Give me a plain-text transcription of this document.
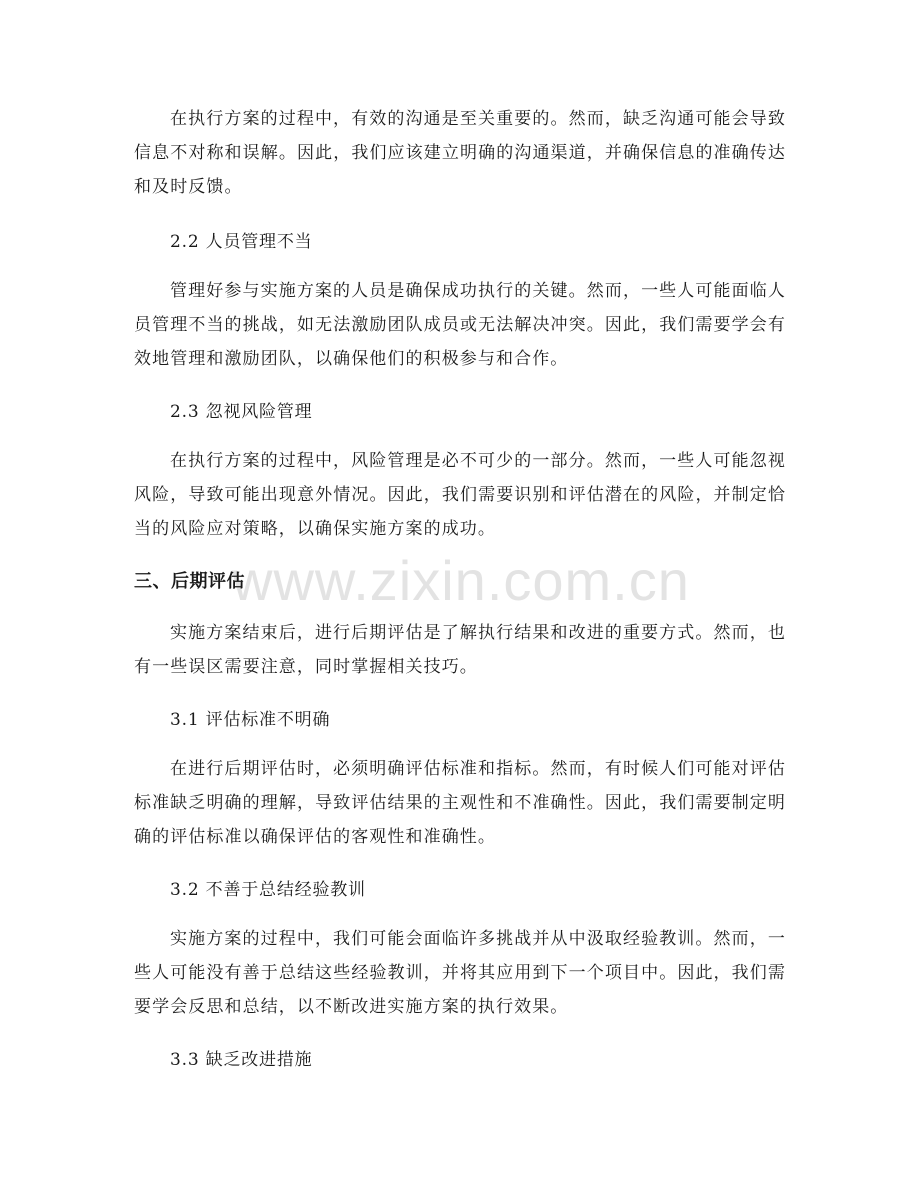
www.zixin.com.cn

在执行方案的过程中，有效的沟通是至关重要的。然而，缺乏沟通可能会导致信息不对称和误解。因此，我们应该建立明确的沟通渠道，并确保信息的准确传达和及时反馈。

2.2 人员管理不当

管理好参与实施方案的人员是确保成功执行的关键。然而，一些人可能面临人员管理不当的挑战，如无法激励团队成员或无法解决冲突。因此，我们需要学会有效地管理和激励团队，以确保他们的积极参与和合作。

2.3 忽视风险管理

在执行方案的过程中，风险管理是必不可少的一部分。然而，一些人可能忽视风险，导致可能出现意外情况。因此，我们需要识别和评估潜在的风险，并制定恰当的风险应对策略，以确保实施方案的成功。

三、后期评估

实施方案结束后，进行后期评估是了解执行结果和改进的重要方式。然而，也有一些误区需要注意，同时掌握相关技巧。

3.1 评估标准不明确

在进行后期评估时，必须明确评估标准和指标。然而，有时候人们可能对评估标准缺乏明确的理解，导致评估结果的主观性和不准确性。因此，我们需要制定明确的评估标准以确保评估的客观性和准确性。

3.2 不善于总结经验教训

实施方案的过程中，我们可能会面临许多挑战并从中汲取经验教训。然而，一些人可能没有善于总结这些经验教训，并将其应用到下一个项目中。因此，我们需要学会反思和总结，以不断改进实施方案的执行效果。

3.3 缺乏改进措施
